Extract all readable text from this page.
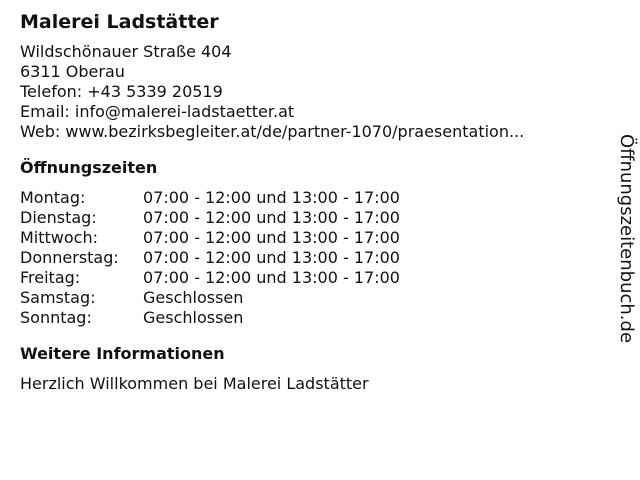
Malerei Ladstätter
Wildschönauer Straße 404
6311 Oberau
Telefon: +43 5339 20519
Email: info@malerei-ladstaetter.at
Web: www.bezirksbegleiter.at/de/partner-1070/praesentation...
Öffnungszeiten
Montag:	07:00 - 12:00 und 13:00 - 17:00
Dienstag:	07:00 - 12:00 und 13:00 - 17:00
Mittwoch:	07:00 - 12:00 und 13:00 - 17:00
Donnerstag:	07:00 - 12:00 und 13:00 - 17:00
Freitag:	07:00 - 12:00 und 13:00 - 17:00
Samstag:	Geschlossen
Sonntag:	Geschlossen
Weitere Informationen
Herzlich Willkommen bei Malerei Ladstätter
Öffnungszeitenbuch.de
